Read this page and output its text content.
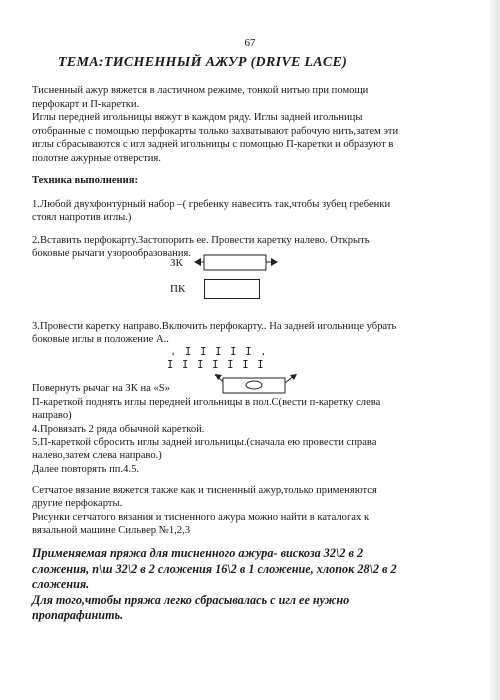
67
ТЕМА:ТИСНЕННЫЙ АЖУР (DRIVE LACE)

Тисненный ажур вяжется в ластичном режиме, тонкой нитью при помощи

перфокарт и П-каретки.

Иглы передней игольницы вяжут в каждом ряду. Иглы задней игольницы

отобранные с помощью перфокарты только захватывают рабочую нить,затем эти

иглы сбрасываются с игл задней игольницы с помощью П-каретки и образуют в

полотне ажурные отверстия.

Техника выполнения:

1.Любой двухфонтурный набор –( гребенку навесить так,чтобы зубец гребенки

стоял напротив иглы.)

2.Вставить перфокарту.Застопорить ее. Провести каретку налево. Открыть

боковые рычаги узорообразования.

ЗК
ПК

3.Провести каретку направо.Включить перфокарту.. На задней игольнице убрать

боковые иглы в положение А..

. I I I I I .
I I I I I I I

Повернуть рычаг на ЗК на «S»

П-кареткой поднять иглы передней игольницы в пол.С(вести п-каретку слева

направо)

4.Провязать 2 ряда обычной кареткой.

5.П-кареткой сбросить иглы задней игольницы.(сначала ею провести справа

налево,затем слева направо.)

Далее повторять пп.4.5.

Сетчатое вязание вяжется также как и тисненный ажур,только применяются

другие перфокарты.

Рисунки сетчатого вязания и тисненного ажура можно найти в каталогах к

вязальной машине Сильвер №1,2,3

Применяемая пряжа для тисненного ажура- вискоза 32\2 в 2

сложения, п\ш 32\2 в 2 сложения 16\2 в 1 сложение, хлопок 28\2 в 2

сложения.

Для того,чтобы пряжа легко сбрасывалась с игл ее нужно

пропарафинить.
